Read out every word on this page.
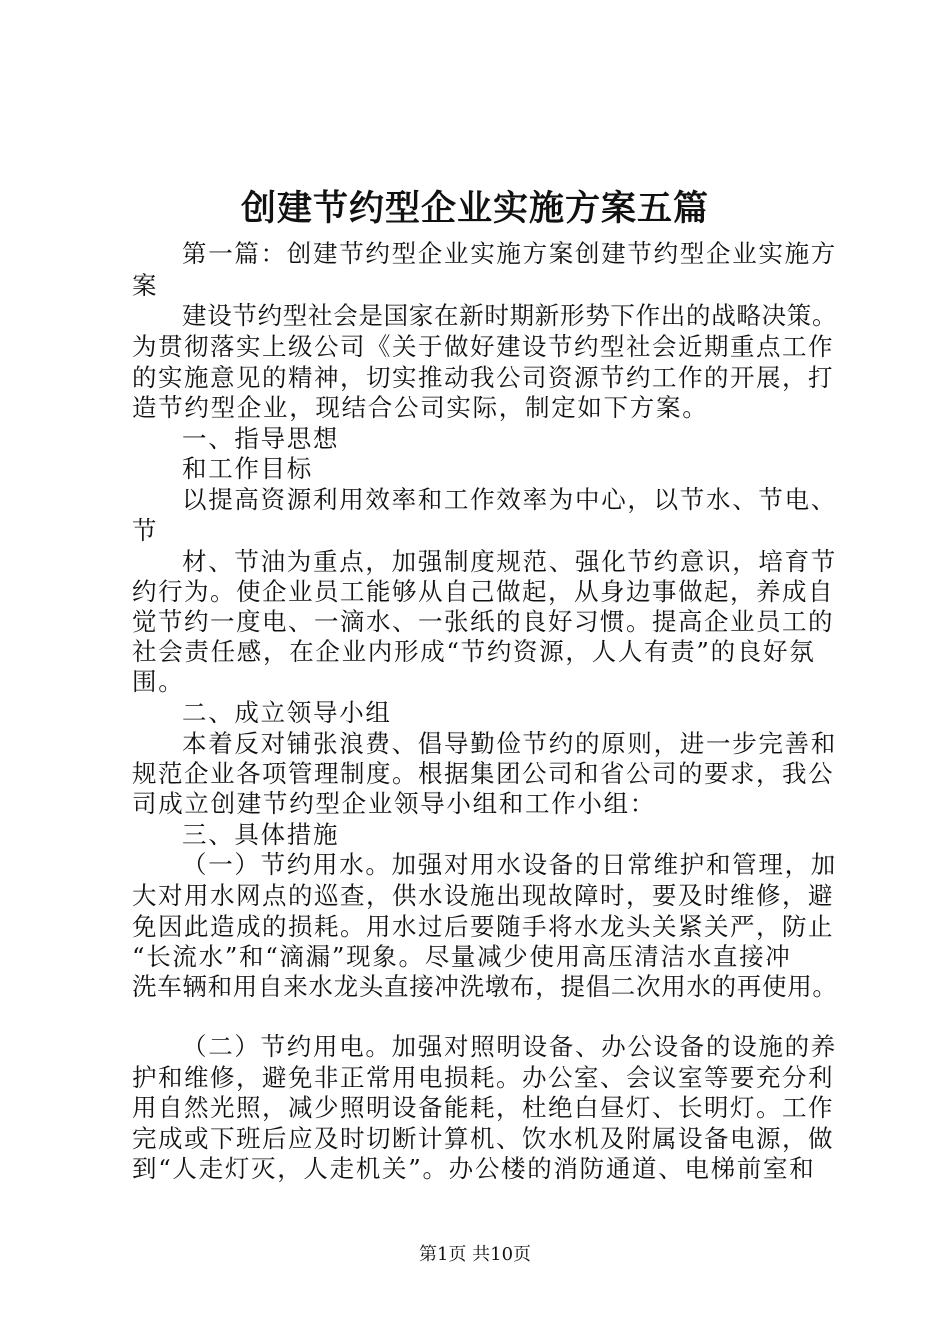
创建节约型企业实施方案五篇
第一篇：创建节约型企业实施方案创建节约型企业实施方
案
建设节约型社会是国家在新时期新形势下作出的战略决策。
为贯彻落实上级公司《关于做好建设节约型社会近期重点工作
的实施意见的精神，切实推动我公司资源节约工作的开展，打
造节约型企业，现结合公司实际，制定如下方案。
一、指导思想
和工作目标
以提高资源利用效率和工作效率为中心，以节水、节电、
节
材、节油为重点，加强制度规范、强化节约意识，培育节
约行为。使企业员工能够从自己做起，从身边事做起，养成自
觉节约一度电、一滴水、一张纸的良好习惯。提高企业员工的
社会责任感，在企业内形成“节约资源，人人有责”的良好氛
围。
二、成立领导小组
本着反对铺张浪费、倡导勤俭节约的原则，进一步完善和
规范企业各项管理制度。根据集团公司和省公司的要求，我公
司成立创建节约型企业领导小组和工作小组：
三、具体措施
（一）节约用水。加强对用水设备的日常维护和管理，加
大对用水网点的巡查，供水设施出现故障时，要及时维修，避
免因此造成的损耗。用水过后要随手将水龙头关紧关严，防止
“长流水”和“滴漏”现象。尽量减少使用高压清洁水直接冲
洗车辆和用自来水龙头直接冲洗墩布，提倡二次用水的再使用。
（二）节约用电。加强对照明设备、办公设备的设施的养
护和维修，避免非正常用电损耗。办公室、会议室等要充分利
用自然光照，减少照明设备能耗，杜绝白昼灯、长明灯。工作
完成或下班后应及时切断计算机、饮水机及附属设备电源，做
到“人走灯灭，人走机关”。办公楼的消防通道、电梯前室和
第1页 共10页
